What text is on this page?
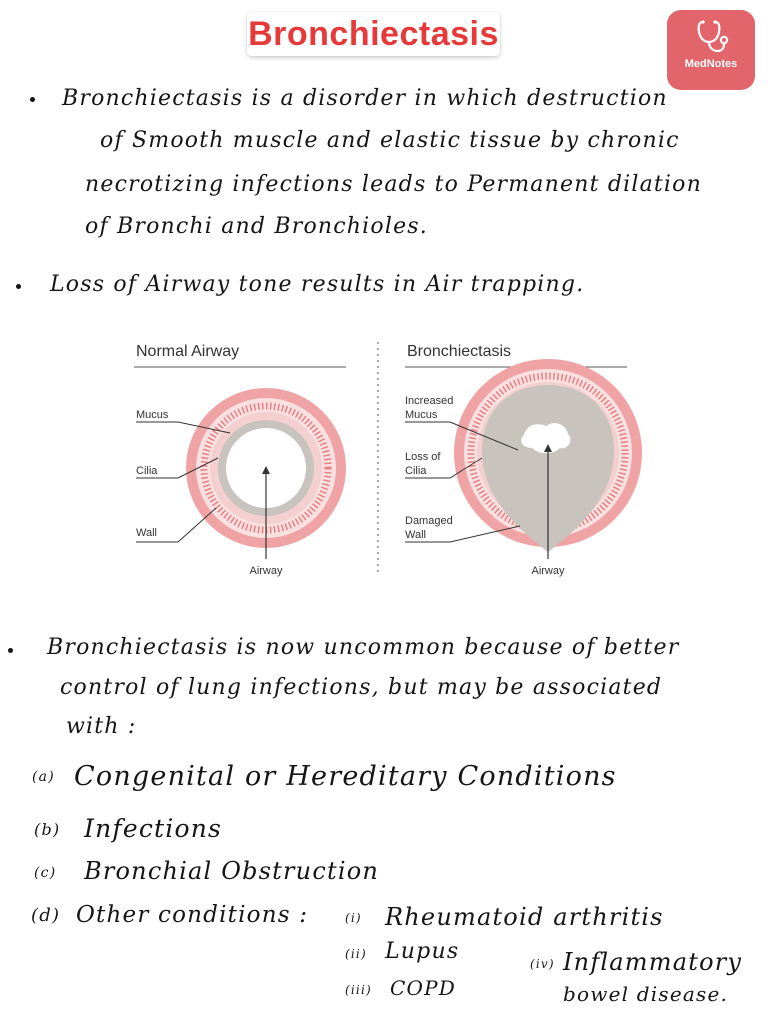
Bronchiectasis
MedNotes
Bronchiectasis is a disorder in which destruction
of Smooth muscle and elastic tissue by chronic
necrotizing infections leads to Permanent dilation
of Bronchi and Bronchioles.
Loss of Airway tone results in Air trapping.
Normal Airway
Mucus
Cilia
Wall
Airway
Bronchiectasis
Increased
Mucus
Loss of
Cilia
Damaged
Wall
Airway
Bronchiectasis is now uncommon because of better
control of lung infections, but may be associated
with :
(a) Congenital or Hereditary Conditions
(b) Infections
(c) Bronchial Obstruction
(d) Other conditions :	(i) Rheumatoid arthritis
(ii) Lupus
(iii) COPD
(iv) Inflammatory
bowel disease.
